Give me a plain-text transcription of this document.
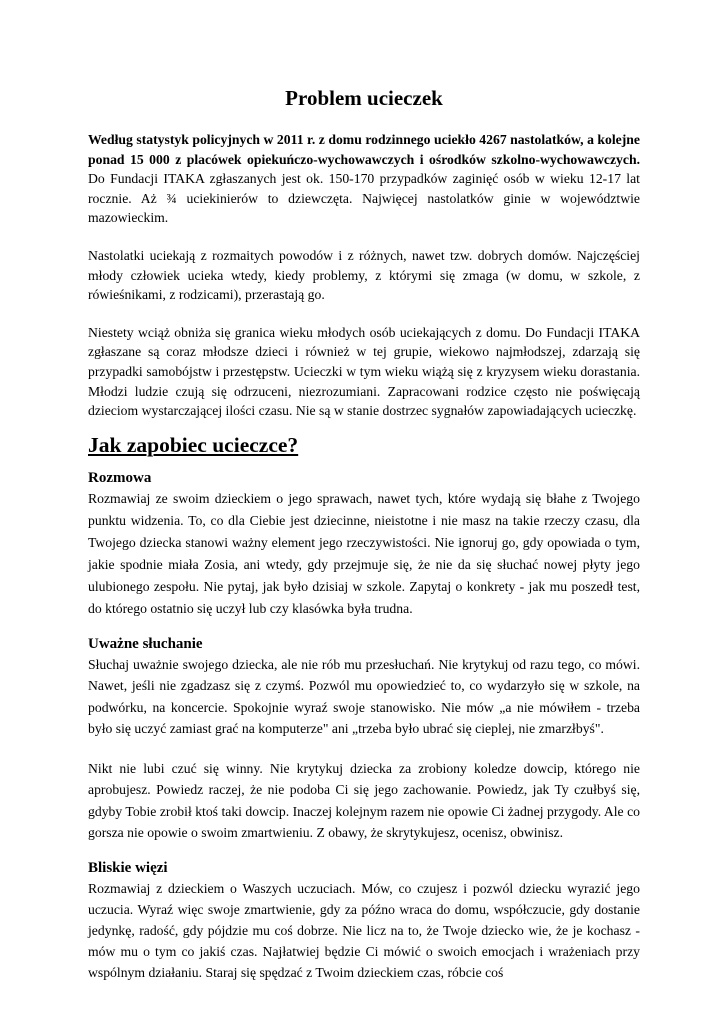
Problem ucieczek

Według statystyk policyjnych w 2011 r. z domu rodzinnego uciekło 4267 nastolatków, a kolejne ponad 15 000 z placówek opiekuńczo-wychowawczych i ośrodków szkolno-wychowawczych. Do Fundacji ITAKA zgłaszanych jest ok. 150-170 przypadków zaginięć osób w wieku 12-17 lat rocznie. Aż ¾ uciekinierów to dziewczęta. Najwięcej nastolatków ginie w województwie mazowieckim.

Nastolatki uciekają z rozmaitych powodów i z różnych, nawet tzw. dobrych domów. Najczęściej młody człowiek ucieka wtedy, kiedy problemy, z którymi się zmaga (w domu, w szkole, z rówieśnikami, z rodzicami), przerastają go.

Niestety wciąż obniża się granica wieku młodych osób uciekających z domu. Do Fundacji ITAKA zgłaszane są coraz młodsze dzieci i również w tej grupie, wiekowo najmłodszej, zdarzają się przypadki samobójstw i przestępstw. Ucieczki w tym wieku wiążą się z kryzysem wieku dorastania. Młodzi ludzie czują się odrzuceni, niezrozumiani. Zapracowani rodzice często nie poświęcają dzieciom wystarczającej ilości czasu. Nie są w stanie dostrzec sygnałów zapowiadających ucieczkę.

Jak zapobiec ucieczce?
Rozmowa

Rozmawiaj ze swoim dzieckiem o jego sprawach, nawet tych, które wydają się błahe z Twojego punktu widzenia. To, co dla Ciebie jest dziecinne, nieistotne i nie masz na takie rzeczy czasu, dla Twojego dziecka stanowi ważny element jego rzeczywistości. Nie ignoruj go, gdy opowiada o tym, jakie spodnie miała Zosia, ani wtedy, gdy przejmuje się, że nie da się słuchać nowej płyty jego ulubionego zespołu. Nie pytaj, jak było dzisiaj w szkole. Zapytaj o konkrety - jak mu poszedł test, do którego ostatnio się uczył lub czy klasówka była trudna.

Uważne słuchanie

Słuchaj uważnie swojego dziecka, ale nie rób mu przesłuchań. Nie krytykuj od razu tego, co mówi. Nawet, jeśli nie zgadzasz się z czymś. Pozwól mu opowiedzieć to, co wydarzyło się w szkole, na podwórku, na koncercie. Spokojnie wyraź swoje stanowisko. Nie mów „a nie mówiłem - trzeba było się uczyć zamiast grać na komputerze" ani „trzeba było ubrać się cieplej, nie zmarzłbyś".

Nikt nie lubi czuć się winny. Nie krytykuj dziecka za zrobiony koledze dowcip, którego nie aprobujesz. Powiedz raczej, że nie podoba Ci się jego zachowanie. Powiedz, jak Ty czułbyś się, gdyby Tobie zrobił ktoś taki dowcip. Inaczej kolejnym razem nie opowie Ci żadnej przygody. Ale co gorsza nie opowie o swoim zmartwieniu. Z obawy, że skrytykujesz, ocenisz, obwinisz.

Bliskie więzi

Rozmawiaj z dzieckiem o Waszych uczuciach. Mów, co czujesz i pozwól dziecku wyrazić jego uczucia. Wyraź więc swoje zmartwienie, gdy za późno wraca do domu, współczucie, gdy dostanie jedynkę, radość, gdy pójdzie mu coś dobrze. Nie licz na to, że Twoje dziecko wie, że je kochasz - mów mu o tym co jakiś czas. Najłatwiej będzie Ci mówić o swoich emocjach i wrażeniach przy wspólnym działaniu. Staraj się spędzać z Twoim dzieckiem czas, róbcie coś
